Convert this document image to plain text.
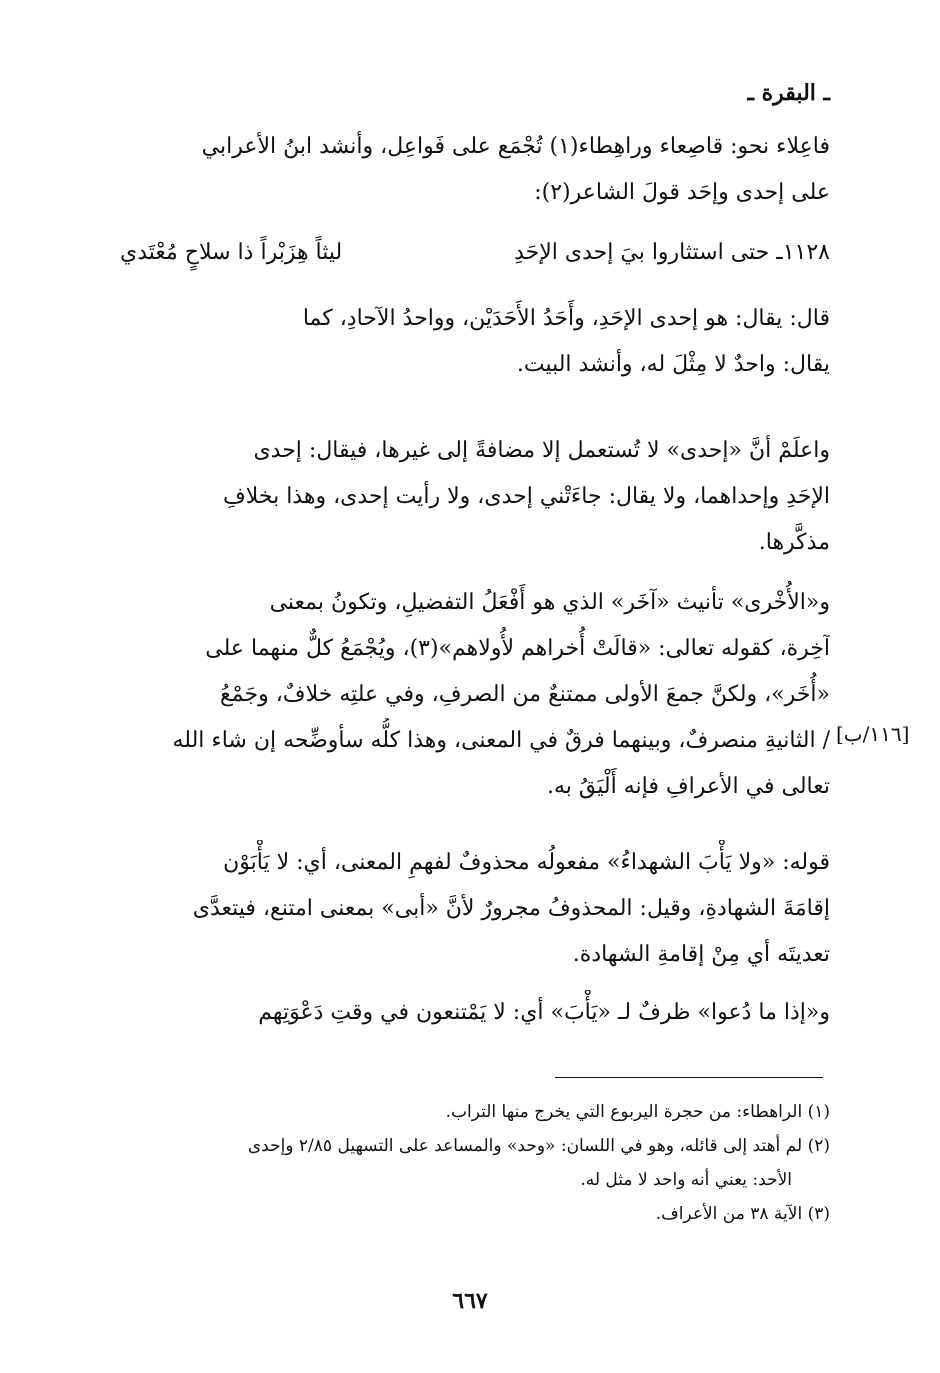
ـ البقرة ـ
فاعِلاء نحو: قاصِعاء وراهِطاء(١) تُجْمَع على فَواعِل، وأنشد ابنُ الأعرابي
على إحدى وإحَد قولَ الشاعر(٢):
١١٢٨ـ حتى استثاروا بيَ إحدى الإحَدِ
ليثاً هِزَبْراً ذا سلاحٍ مُعْتَدي
قال: يقال: هو إحدى الإحَدِ، وأَحَدُ الأَحَدَيْن، وواحدُ الآحادِ، كما
يقال: واحدٌ لا مِثْلَ له، وأنشد البيت.
واعلَمْ أنَّ «إحدى» لا تُستعمل إلا مضافةً إلى غيرها، فيقال: إحدى
الإحَدِ وإحداهما، ولا يقال: جاءَتْني إحدى، ولا رأيت إحدى، وهذا بخلافِ
مذكَّرها.
و«الأُخْرى» تأنيث «آخَر» الذي هو أَفْعَلُ التفضيلِ، وتكونُ بمعنى
آخِرة، كقوله تعالى: «قالَتْ أُخراهم لأُولاهم»(٣)، ويُجْمَعُ كلٌّ منهما على
«أُخَر»، ولكنَّ جمعَ الأولى ممتنعٌ من الصرفِ، وفي علتِه خلافٌ، وجَمْعُ
/ الثانيةِ منصرفٌ، وبينهما فرقٌ في المعنى، وهذا كلُّه سأوضِّحه إن شاء الله
تعالى في الأعرافِ فإنه أَلْيَقُ به.
[١١٦/ب]
قوله: «ولا يَأْبَ الشهداءُ» مفعولُه محذوفٌ لفهمِ المعنى، أي: لا يَأْبَوْن
إقامَةَ الشهادةِ، وقيل: المحذوفُ مجرورٌ لأنَّ «أبى» بمعنى امتنع، فيتعدَّى
تعديتَه أي مِنْ إقامةِ الشهادة.
و«إذا ما دُعوا» ظرفٌ لـ «يَأْبَ» أي: لا يَمْتنعون في وقتِ دَعْوَتِهم
(١) الراهطاء: من حجرة اليربوع التي يخرج منها التراب.
(٢) لم أهتد إلى قائله، وهو في اللسان: «وحد» والمساعد على التسهيل ٢/٨٥ وإحدى
الأحد: يعني أنه واحد لا مثل له.
(٣) الآية ٣٨ من الأعراف.
٦٦٧
